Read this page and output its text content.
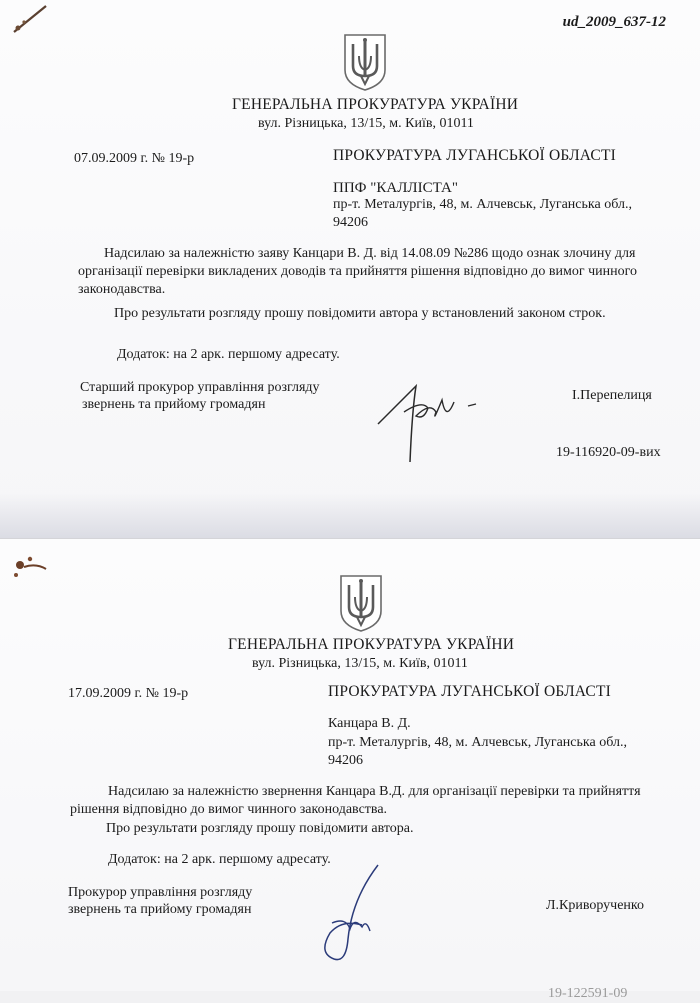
ud_2009_637-12
ГЕНЕРАЛЬНА ПРОКУРАТУРА УКРАЇНИ
вул. Різницька, 13/15, м. Київ, 01011
07.09.2009 г. № 19-р	ПРОКУРАТУРА ЛУГАНСЬКОЇ ОБЛАСТІ
ППФ "КАЛЛІСТА"
пр-т. Металургів, 48, м. Алчевськ, Луганська обл.,
94206
Надсилаю за належністю заяву Канцари В. Д. від 14.08.09 №286 щодо ознак злочину для
організації перевірки викладених доводів та прийняття рішення відповідно до вимог чинного
законодавства.
Про результати розгляду прошу повідомити автора у встановлений законом строк.
Додаток: на 2 арк. першому адресату.
Старший прокурор управління розгляду
звернень та прийому громадян
І.Перепелиця
19-116920-09-вих
ГЕНЕРАЛЬНА ПРОКУРАТУРА УКРАЇНИ
вул. Різницька, 13/15, м. Київ, 01011
17.09.2009 г. № 19-р	ПРОКУРАТУРА ЛУГАНСЬКОЇ ОБЛАСТІ
Канцара В. Д.
пр-т. Металургів, 48, м. Алчевськ, Луганська обл.,
94206
Надсилаю за належністю звернення Канцара В.Д. для організації перевірки та прийняття
рішення відповідно до вимог чинного законодавства.
Про результати розгляду прошу повідомити автора.
Додаток: на 2 арк. першому адресату.
Прокурор управління розгляду
звернень та прийому громадян	Л.Криворученко
19-122591-09
